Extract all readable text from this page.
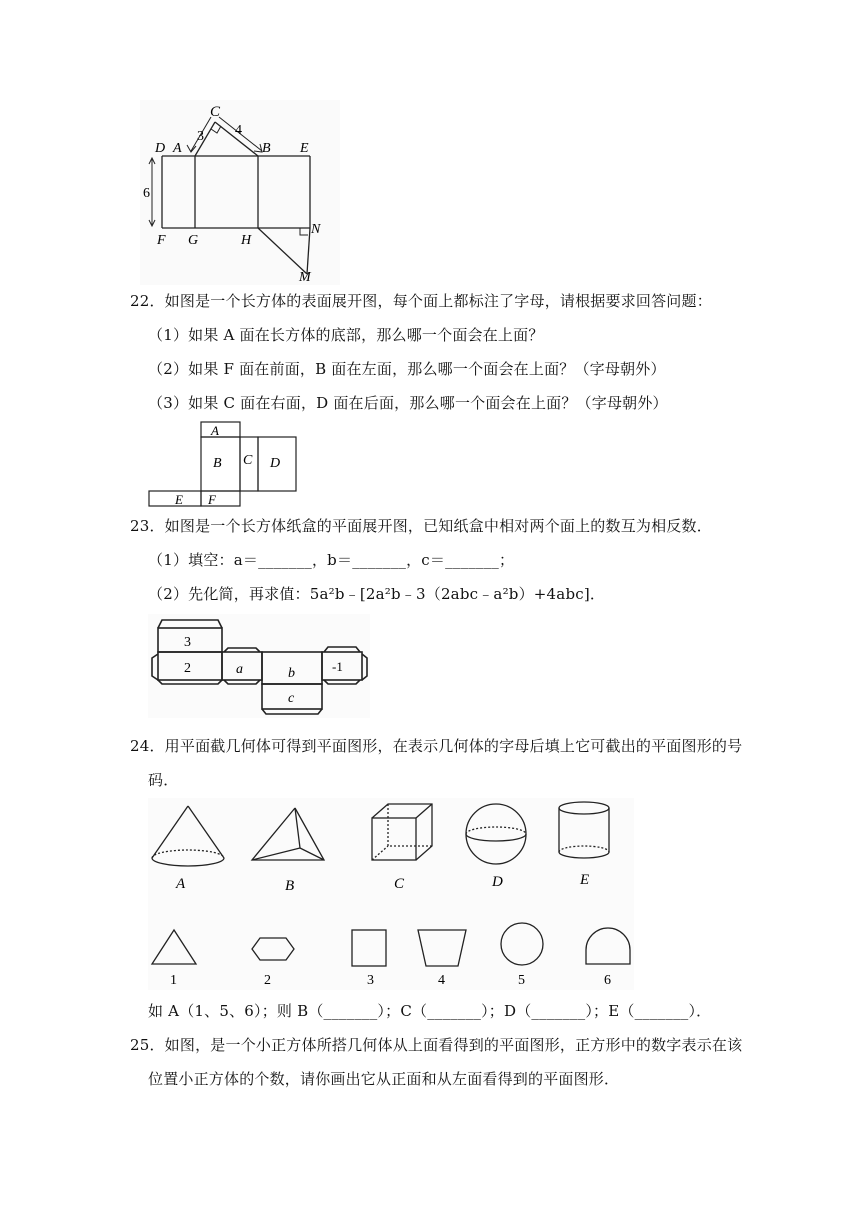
C
3 4
D A	B E
6
F G	H
N
M
22．如图是一个长方体的表面展开图，每个面上都标注了字母，请根据要求回答问题：
（1）如果 A 面在长方体的底部，那么哪一个面会在上面？
（2）如果 F 面在前面，B 面在左面，那么哪一个面会在上面？（字母朝外）
（3）如果 C 面在右面，D 面在后面，那么哪一个面会在上面？（字母朝外）
A
B C D
E F
23．如图是一个长方体纸盒的平面展开图，已知纸盒中相对两个面上的数互为相反数．
（1）填空：a＝_______，b＝_______，c＝_______；
（2）先化简，再求值：5a²b﹣[2a²b﹣3（2abc﹣a²b）+4abc]．
3
2	a	b	-1
c
24．用平面截几何体可得到平面图形，在表示几何体的字母后填上它可截出的平面图形的号
码．
A	B	C	D	E
1	2	3	4	5	6
如 A（1、5、6）；则 B（_______）；C（_______）；D（_______）；E（_______）．
25．如图，是一个小正方体所搭几何体从上面看得到的平面图形，正方形中的数字表示在该
位置小正方体的个数，请你画出它从正面和从左面看得到的平面图形．
